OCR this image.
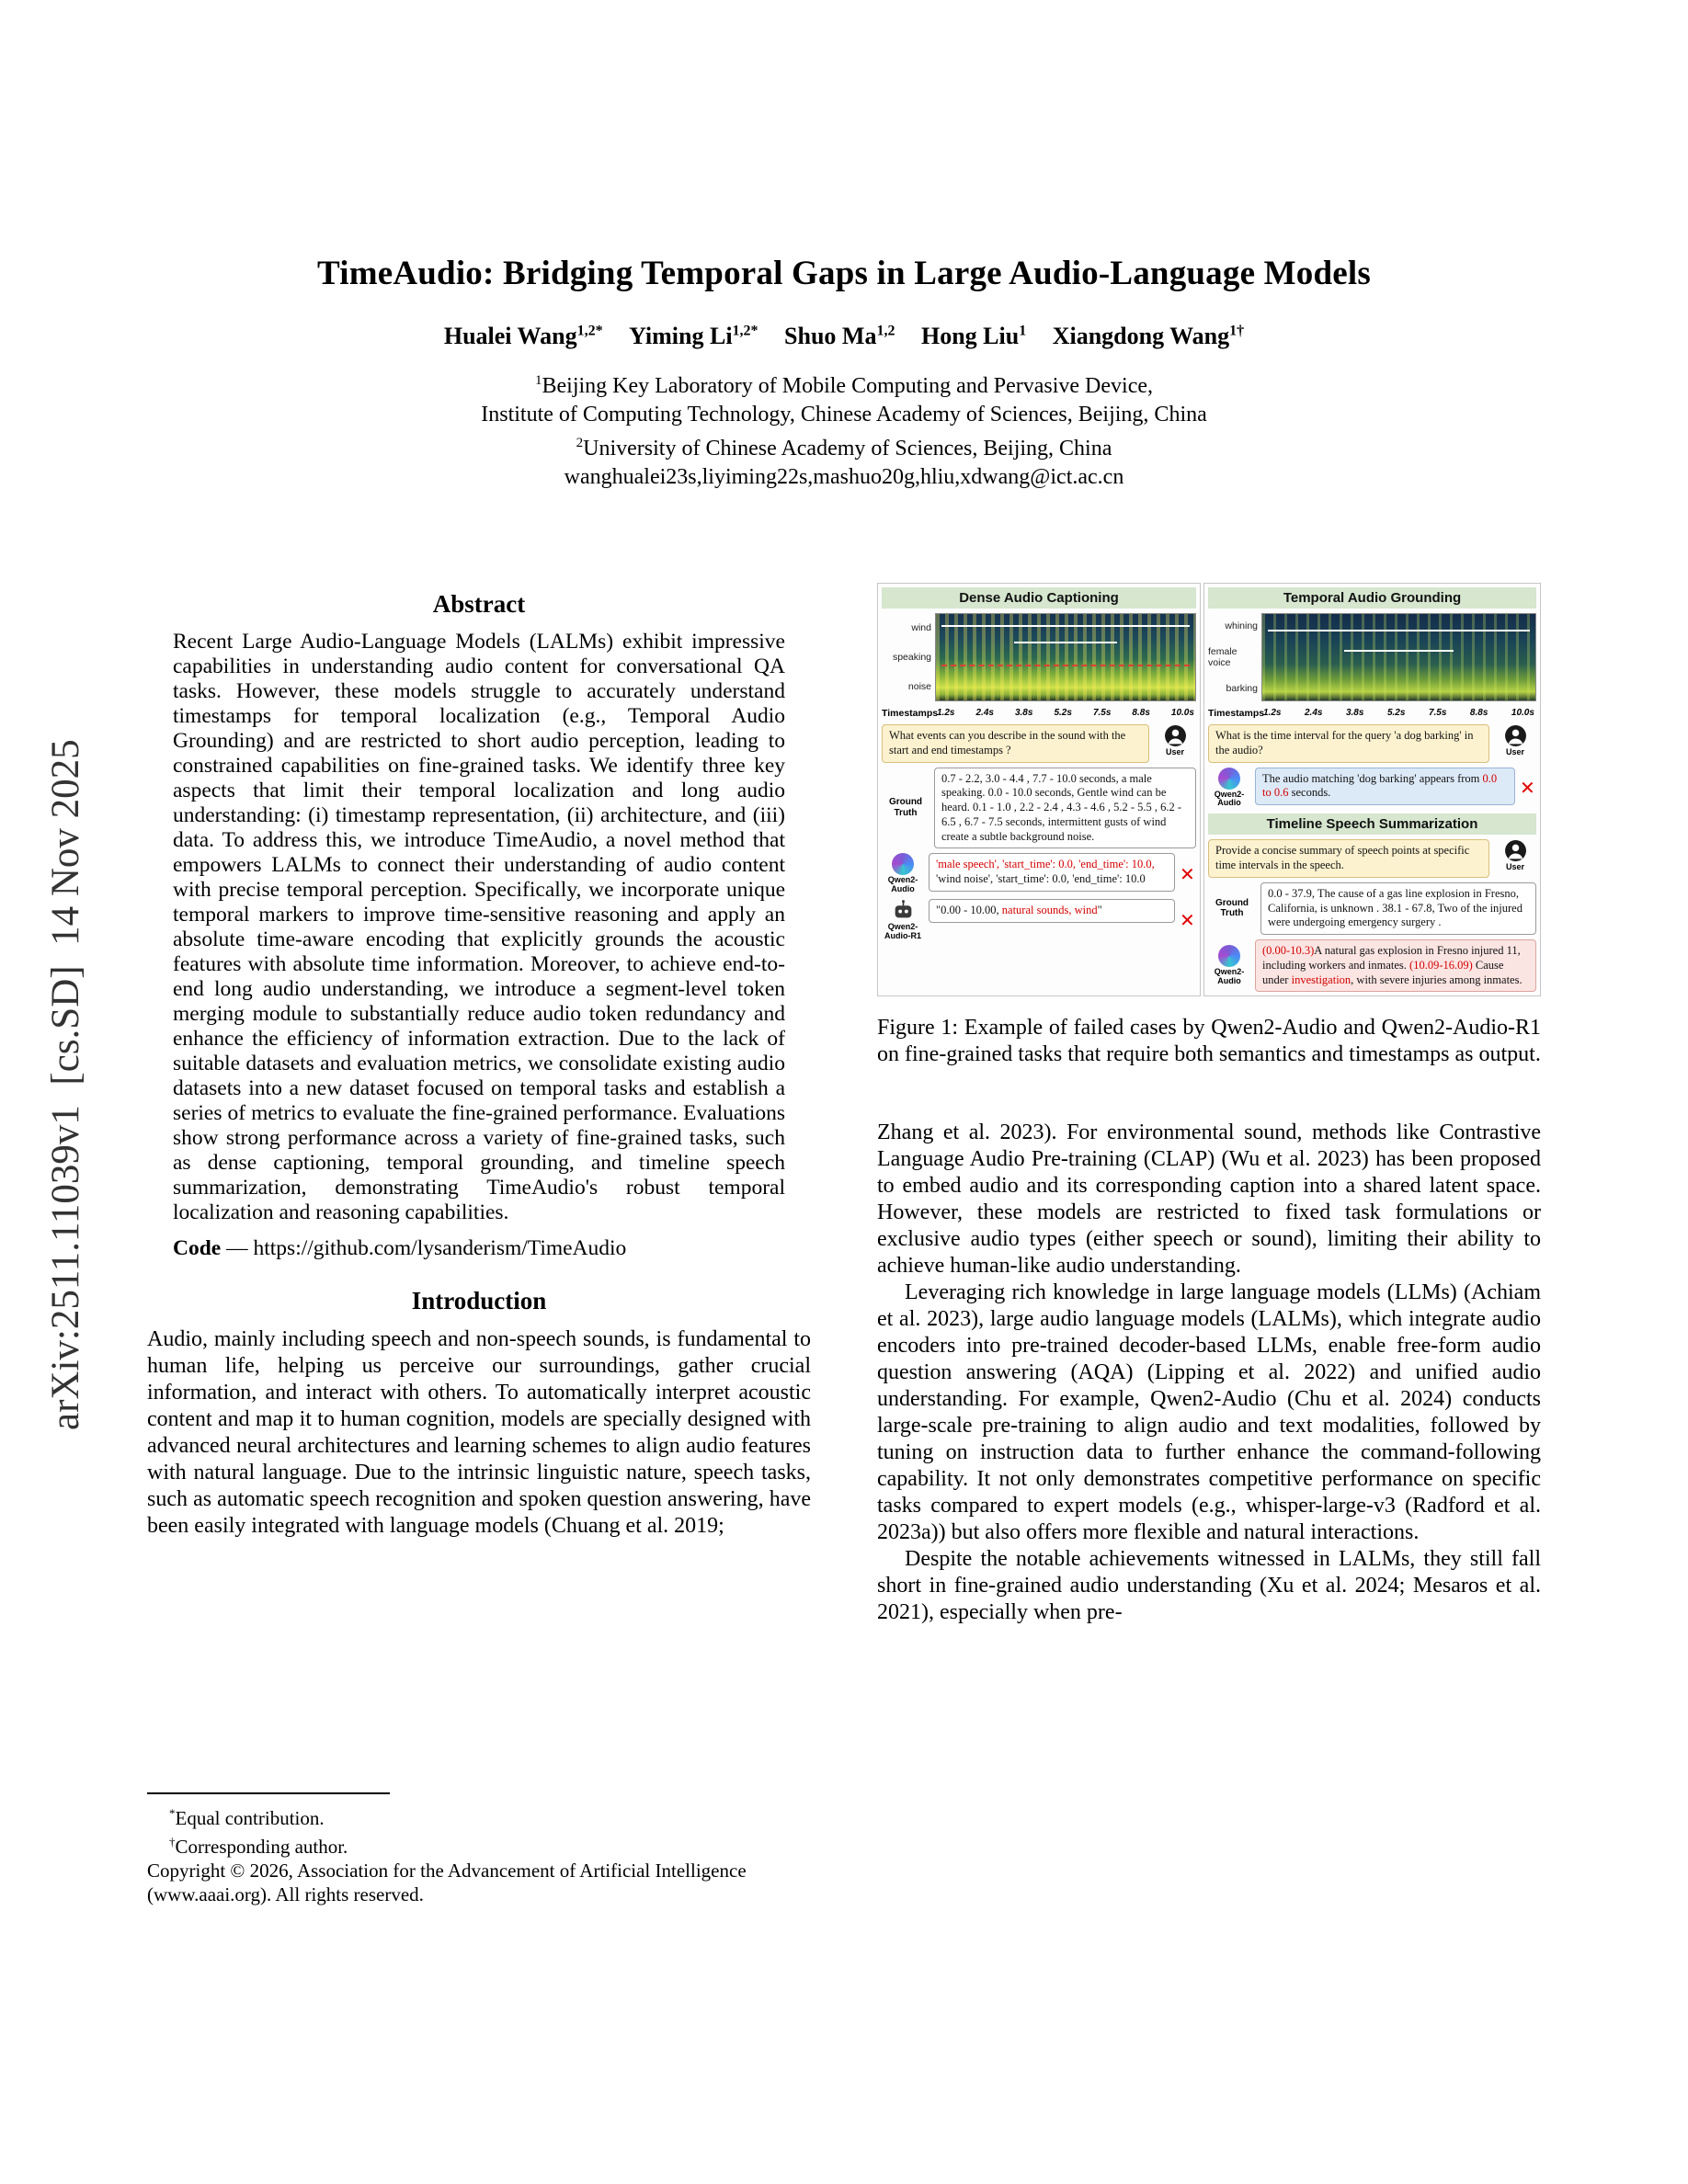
arXiv:2511.11039v1  [cs.SD]  14 Nov 2025
TimeAudio: Bridging Temporal Gaps in Large Audio-Language Models
Hualei Wang$^{1,2*}$ Yiming $Li^{1,2*}$ Shuo Ma$^{1,2}$ Hong Liu$^1$ Xiangdong Wang$^{1\dagger}$
$^1$Beijing Key Laboratory of Mobile Computing and Pervasive Device,
Institute of Computing Technology, Chinese Academy of Sciences, Beijing, China
$^2$University of Chinese Academy of Sciences, Beijing, China
wanghualei23s,liyiming22s,mashuo20g,hliu,xdwang@ict.ac.cn
Abstract
Recent Large Audio-Language Models (LALMs) exhibit impressive capabilities in understanding audio content for conversational QA tasks. However, these models struggle to accurately understand timestamps for temporal localization (e.g., Temporal Audio Grounding) and are restricted to short audio perception, leading to constrained capabilities on fine-grained tasks. We identify three key aspects that limit their temporal localization and long audio understanding: (i) timestamp representation, (ii) architecture, and (iii) data. To address this, we introduce TimeAudio, a novel method that empowers LALMs to connect their understanding of audio content with precise temporal perception. Specifically, we incorporate unique temporal markers to improve time-sensitive reasoning and apply an absolute time-aware encoding that explicitly grounds the acoustic features with absolute time information. Moreover, to achieve end-to-end long audio understanding, we introduce a segment-level token merging module to substantially reduce audio token redundancy and enhance the efficiency of information extraction. Due to the lack of suitable datasets and evaluation metrics, we consolidate existing audio datasets into a new dataset focused on temporal tasks and establish a series of metrics to evaluate the fine-grained performance. Evaluations show strong performance across a variety of fine-grained tasks, such as dense captioning, temporal grounding, and timeline speech summarization, demonstrating TimeAudio's robust temporal localization and reasoning capabilities.
Code — https://github.com/lysanderism/TimeAudio
Introduction
Audio, mainly including speech and non-speech sounds, is fundamental to human life, helping us perceive our surroundings, gather crucial information, and interact with others. To automatically interpret acoustic content and map it to human cognition, models are specially designed with advanced neural architectures and learning schemes to align audio features with natural language. Due to the intrinsic linguistic nature, speech tasks, such as automatic speech recognition and spoken question answering, have been easily integrated with language models (Chuang et al. 2019;
*Equal contribution.
†Corresponding author.
Copyright © 2026, Association for the Advancement of Artificial Intelligence (www.aaai.org). All rights reserved.
Dense Audio Captioning
wind
speaking
noise
Timestamps
1.2s 2.4s 3.8s 5.2s 7.5s 8.8s 10.0s
What events can you describe in the sound with the start and end timestamps ?	User
Ground Truth
0.7 - 2.2, 3.0 - 4.4 , 7.7 - 10.0 seconds, a male speaking. 0.0 - 10.0 seconds, Gentle wind can be heard. 0.1 - 1.0 , 2.2 - 2.4 , 4.3 - 4.6 , 5.2 - 5.5 , 6.2 - 6.5 , 6.7 - 7.5 seconds, intermittent gusts of wind create a subtle background noise.
Qwen2-Audio
'male speech', 'start_time': 0.0, 'end_time': 10.0, 'wind noise', 'start_time': 0.0, 'end_time': 10.0	✕
Qwen2-Audio-R1
"0.00 - 10.00, natural sounds, wind"	✕
Temporal Audio Grounding
whining
female voice
barking
Timestamps
1.2s	2.4s	3.8s	5.2s	7.5s	8.8s	10.0s
What is the time interval for the query 'a dog barking' in the audio?	User
Qwen2-Audio
The audio matching 'dog barking' appears from 0.0 to 0.6 seconds.	✕
Timeline Speech Summarization
Provide a concise summary of speech points at specific time intervals in the speech.	User
Ground Truth
0.0 - 37.9, The cause of a gas line explosion in Fresno, California, is unknown . 38.1 - 67.8, Two of the injured were undergoing emergency surgery .
Qwen2-Audio
(0.00-10.3)A natural gas explosion in Fresno injured 11, including workers and inmates. (10.09-16.09) Cause under investigation, with severe injuries among inmates.
Figure 1: Example of failed cases by Qwen2-Audio and Qwen2-Audio-R1 on fine-grained tasks that require both semantics and timestamps as output.
Zhang et al. 2023). For environmental sound, methods like Contrastive Language Audio Pre-training (CLAP) (Wu et al. 2023) has been proposed to embed audio and its corresponding caption into a shared latent space. However, these models are restricted to fixed task formulations or exclusive audio types (either speech or sound), limiting their ability to achieve human-like audio understanding.
Leveraging rich knowledge in large language models (LLMs) (Achiam et al. 2023), large audio language models (LALMs), which integrate audio encoders into pre-trained decoder-based LLMs, enable free-form audio question answering (AQA) (Lipping et al. 2022) and unified audio understanding. For example, Qwen2-Audio (Chu et al. 2024) conducts large-scale pre-training to align audio and text modalities, followed by tuning on instruction data to further enhance the command-following capability. It not only demonstrates competitive performance on specific tasks compared to expert models (e.g., whisper-large-v3 (Radford et al. 2023a)) but also offers more flexible and natural interactions.
Despite the notable achievements witnessed in LALMs, they still fall short in fine-grained audio understanding (Xu et al. 2024; Mesaros et al. 2021), especially when pre-
